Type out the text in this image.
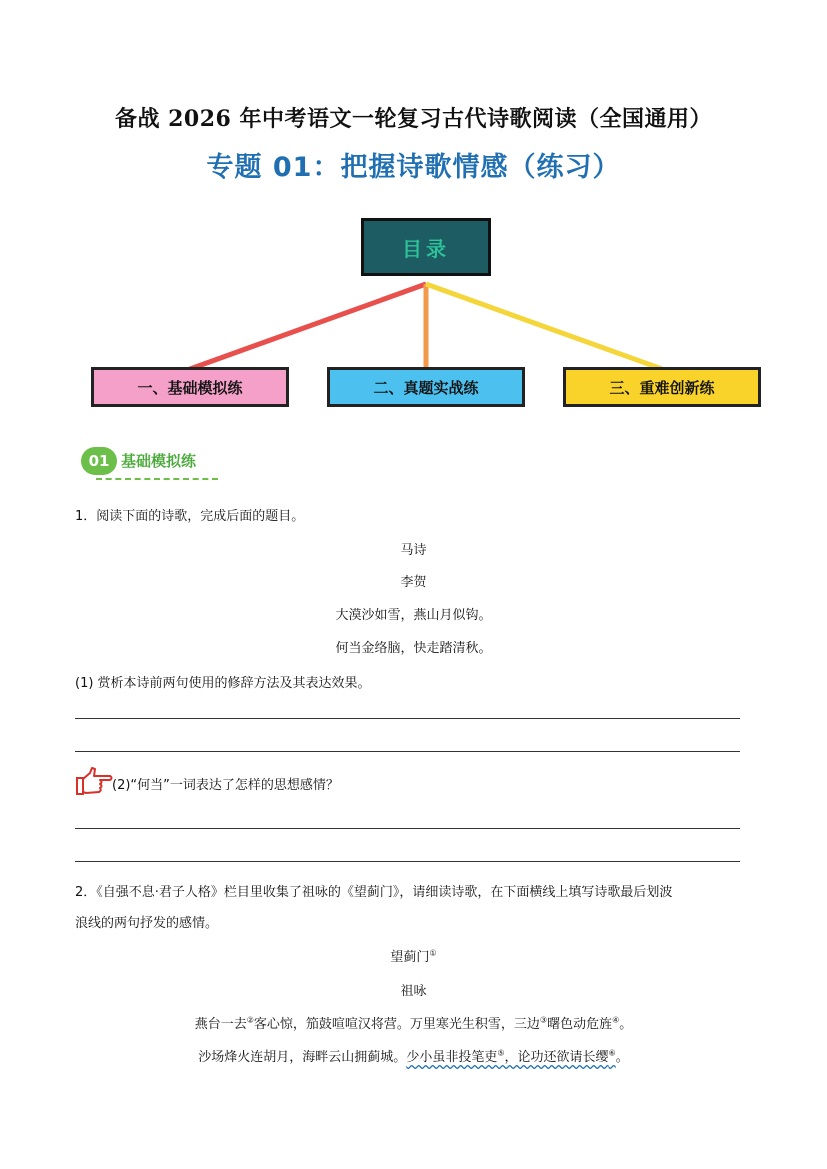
备战 2026 年中考语文一轮复习古代诗歌阅读（全国通用）
专题 01：把握诗歌情感（练习）
目录
一、基础模拟练	二、真题实战练	三、重难创新练
01 基础模拟练
1．阅读下面的诗歌，完成后面的题目。
马诗
李贺
大漠沙如雪，燕山月似钩。
何当金络脑，快走踏清秋。
(1) 赏析本诗前两句使用的修辞方法及其表达效果。
(2)“何当”一词表达了怎样的思想感情？
2．《自强不息·君子人格》栏目里收集了祖咏的《望蓟门》，请细读诗歌，在下面横线上填写诗歌最后划波
浪线的两句抒发的感情。
望蓟门①
祖咏
燕台一去②客心惊，笳鼓喧喧汉将营。万里寒光生积雪，三边③曙色动危旌④。
沙场烽火连胡月，海畔云山拥蓟城。少小虽非投笔吏⑤，论功还欲请长缨⑥。
